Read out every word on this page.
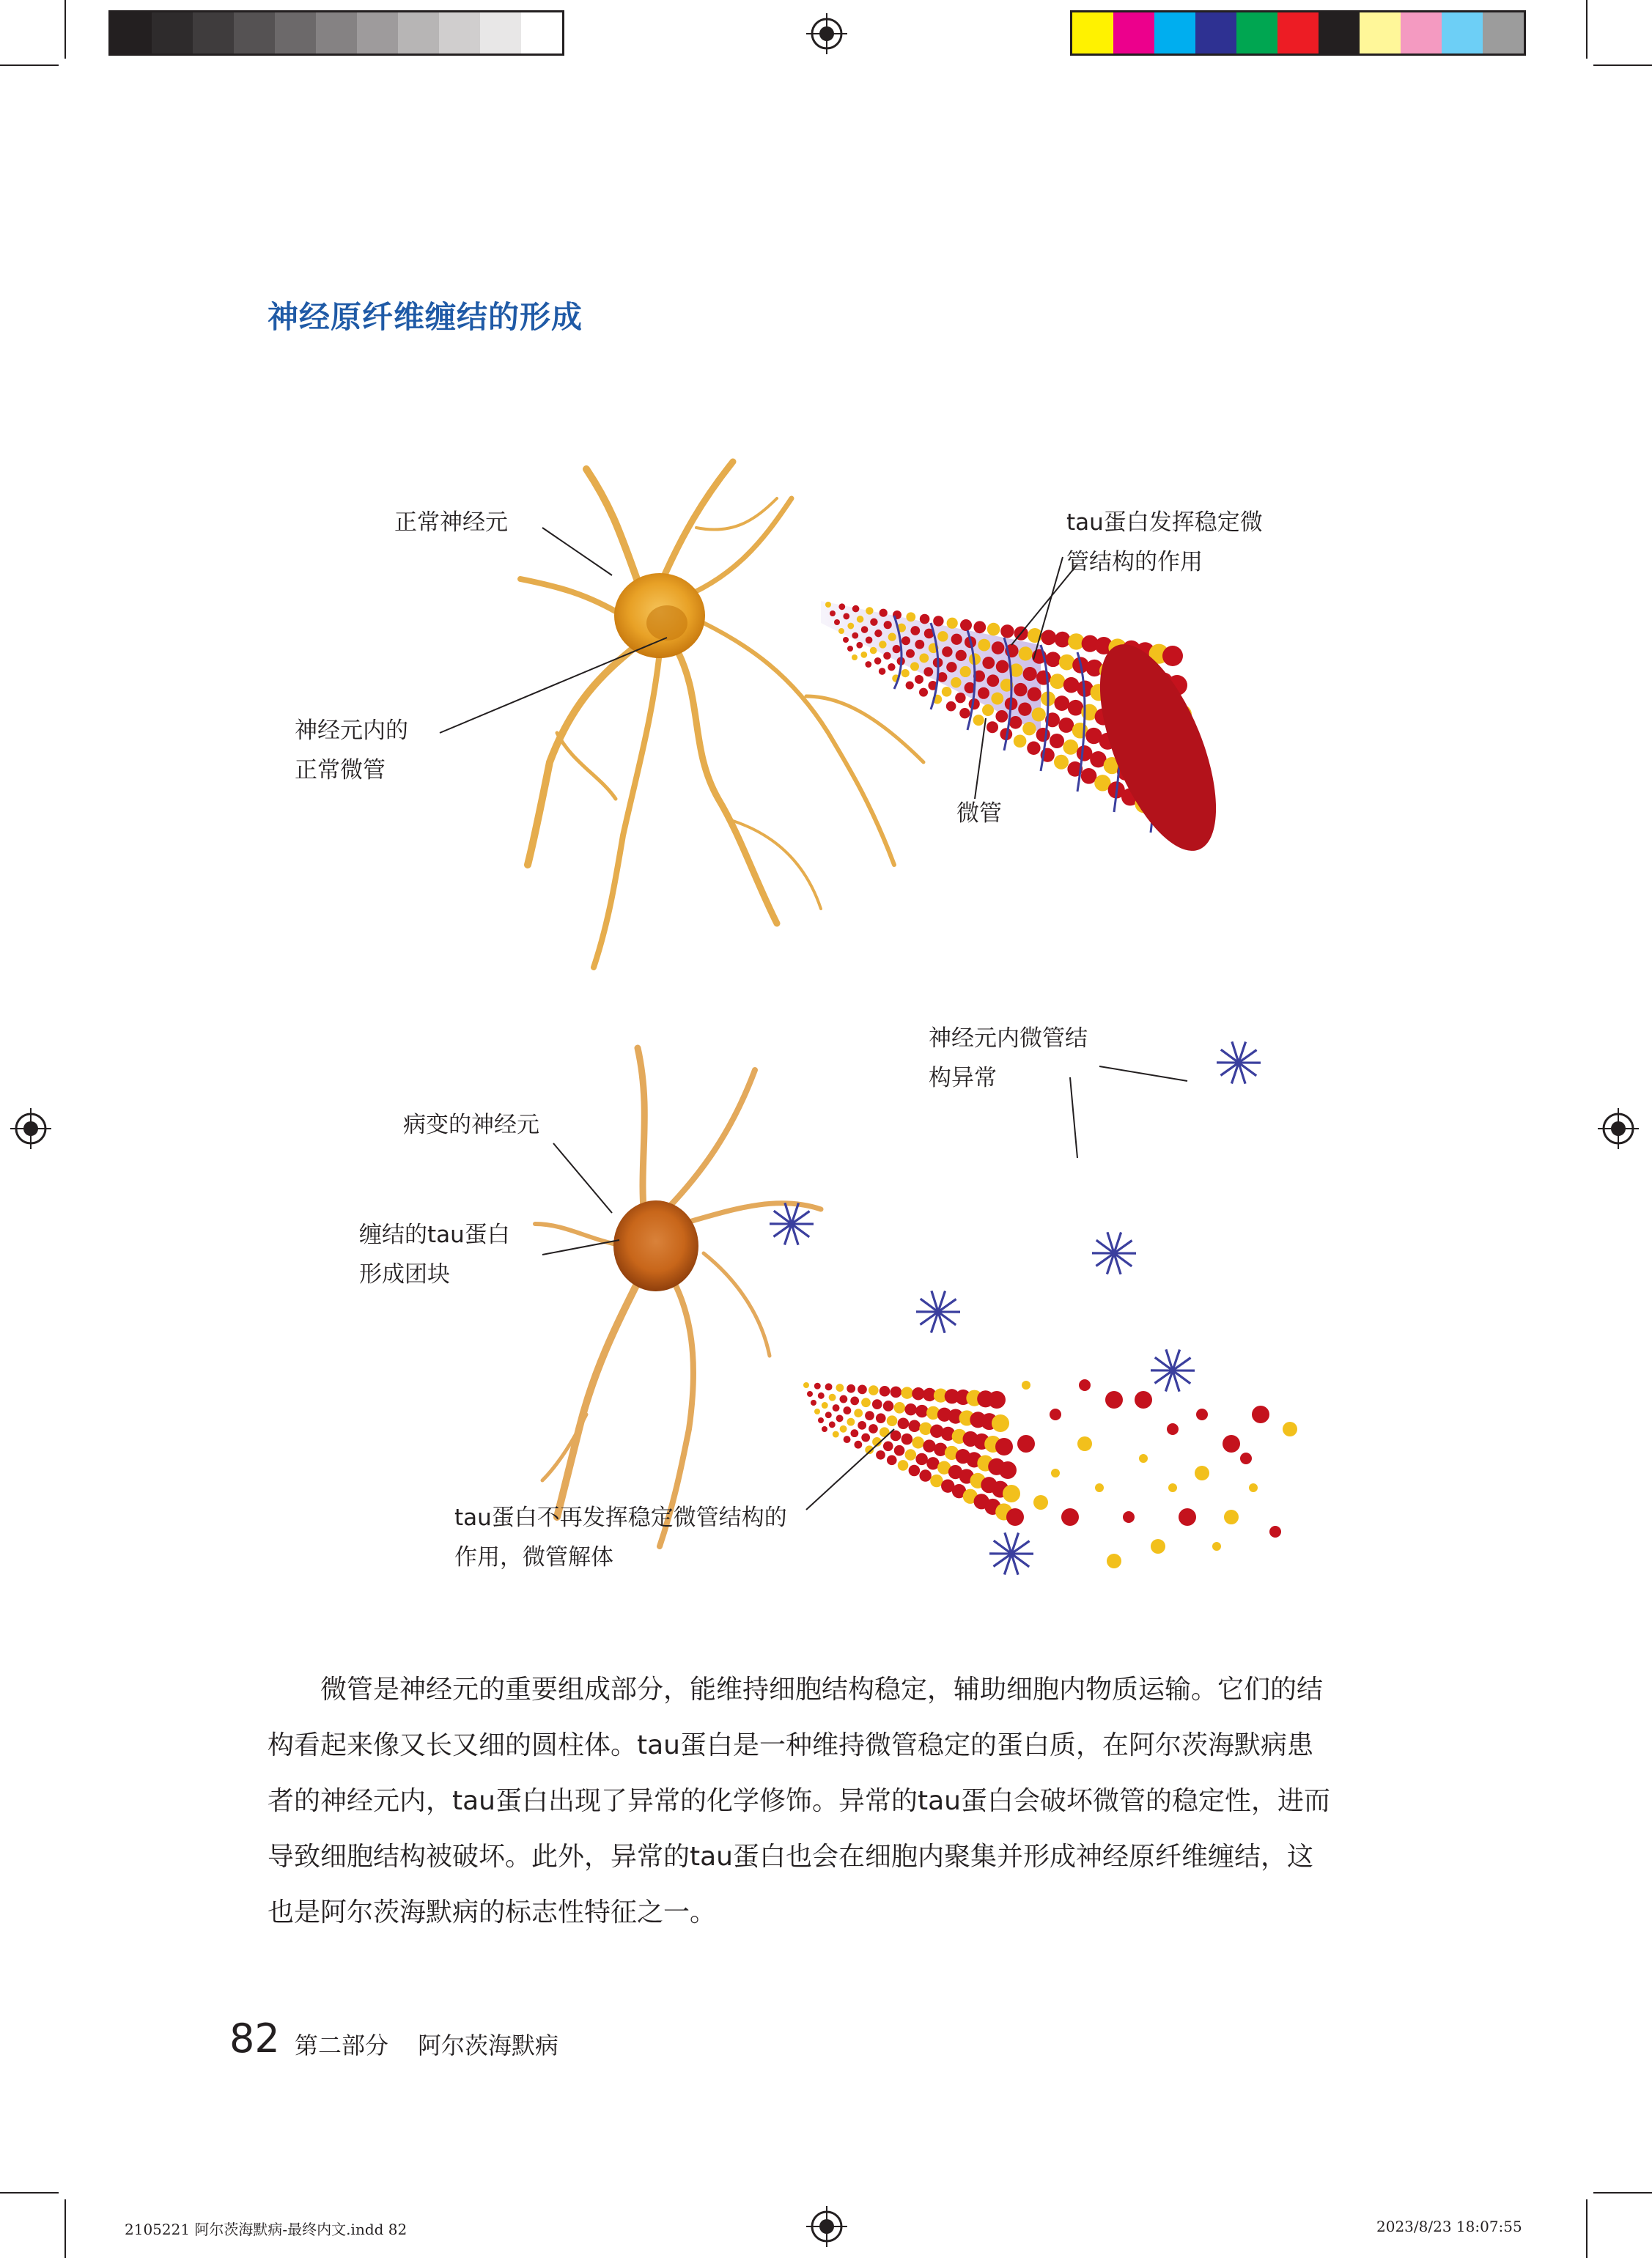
神经原纤维缠结的形成
正常神经元	tau蛋白发挥稳定微
管结构的作用
神经元内的
正常微管
微管
神经元内微管结
构异常
病变的神经元
缠结的tau蛋白
形成团块
tau蛋白不再发挥稳定微管结构的
作用，微管解体
微管是神经元的重要组成部分，能维持细胞结构稳定，辅助细胞内物质运输。它们的结构看起来像又长又细的圆柱体。tau蛋白是一种维持微管稳定的蛋白质，在阿尔茨海默病患者的神经元内，tau蛋白出现了异常的化学修饰。异常的tau蛋白会破坏微管的稳定性，进而导致细胞结构被破坏。此外，异常的tau蛋白也会在细胞内聚集并形成神经原纤维缠结，这也是阿尔茨海默病的标志性特征之一。
82 第二部分 阿尔茨海默病
2105221 阿尔茨海默病-最终内文.indd 82	2023/8/23 18:07:55
